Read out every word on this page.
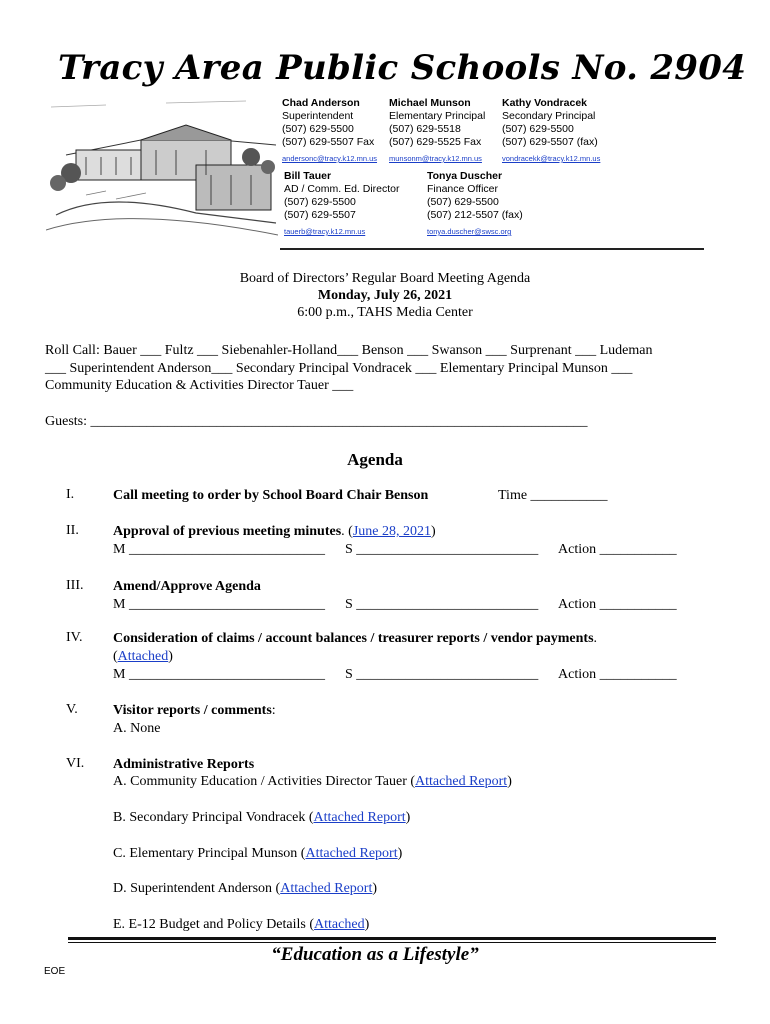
Tracy Area Public Schools No. 2904
Chad Anderson
Superintendent
(507) 629-5500
(507) 629-5507 Fax
andersonc@tracy.k12.mn.us
Michael Munson
Elementary Principal
(507) 629-5518
(507) 629-5525 Fax
munsonm@tracy.k12.mn.us
Kathy Vondracek
Secondary Principal
(507) 629-5500
(507) 629-5507 (fax)
vondracekk@tracy.k12.mn.us
Bill Tauer
AD / Comm. Ed. Director
(507) 629-5500
(507) 629-5507
tauerb@tracy.k12.mn.us
Tonya Duscher
Finance Officer
(507) 629-5500
(507) 212-5507 (fax)
tonya.duscher@swsc.org
Board of Directors’ Regular Board Meeting Agenda
Monday, July 26, 2021
6:00 p.m., TAHS Media Center
Roll Call: Bauer ___ Fultz ___ Siebenahler-Holland___ Benson ___ Swanson ___ Surprenant ___ Ludeman
___ Superintendent Anderson___ Secondary Principal Vondracek ___ Elementary Principal Munson ___
Community Education & Activities Director Tauer ___
Guests: _______________________________________________________________________
Agenda
I.	Call meeting to order by School Board Chair Benson	Time ___________
II. Approval of previous meeting minutes. (June 28, 2021)
M ____________________________ S __________________________ Action ___________
III. Amend/Approve Agenda
M ____________________________ S __________________________ Action ___________
IV. Consideration of claims / account balances / treasurer reports / vendor payments.
(Attached)
M ____________________________ S __________________________ Action ___________
V.	Visitor reports / comments:
A. None
VI. Administrative Reports
A. Community Education / Activities Director Tauer (Attached Report)
B. Secondary Principal Vondracek (Attached Report)
C. Elementary Principal Munson (Attached Report)
D. Superintendent Anderson (Attached Report)
E. E-12 Budget and Policy Details (Attached)
“Education as a Lifestyle”
EOE
